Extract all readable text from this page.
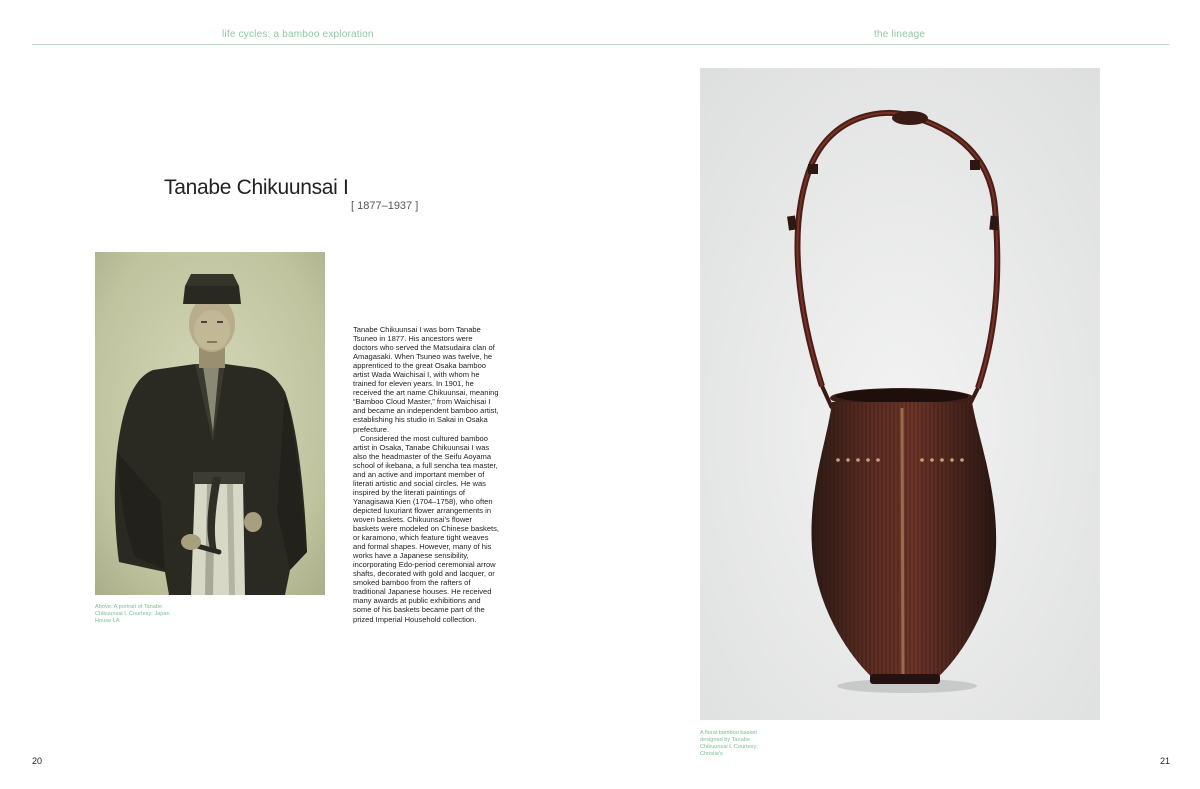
life cycles: a bamboo exploration	the lineage
Tanabe Chikuunsai I
[ 1877–1937 ]
Above: A portrait of Tanabe Chikuunsai I. Courtesy: Japan House LA

Tanabe Chikuunsai I was born Tanabe Tsuneo in 1877. His ancestors were doctors who served the Matsudaira clan of Amagasaki. When Tsuneo was twelve, he apprenticed to the great Osaka bamboo artist Wada Waichisai I, with whom he trained for eleven years. In 1901, he received the art name Chikuunsai, meaning “Bamboo Cloud Master,” from Waichisai I and became an independent bamboo artist, establishing his studio in Sakai in Osaka prefecture.

Considered the most cultured bamboo artist in Osaka, Tanabe Chikuunsai I was also the headmaster of the Seifu Aoyama school of ikebana, a full sencha tea master, and an active and important member of literati artistic and social circles. He was inspired by the literati paintings of Yanagisawa Kien (1704–1758), who often depicted luxuriant flower arrangements in woven baskets. Chikuunsai’s flower baskets were modeled on Chinese baskets, or karamono, which feature tight weaves and formal shapes. However, many of his works have a Japanese sensibility, incorporating Edo-period ceremonial arrow shafts, decorated with gold and lacquer, or smoked bamboo from the rafters of traditional Japanese houses. He received many awards at public exhibitions and some of his baskets became part of the prized Imperial Household collection.

A floral bamboo basket designed by Tanabe Chikuunsai I. Courtesy: Christie's
20	21
